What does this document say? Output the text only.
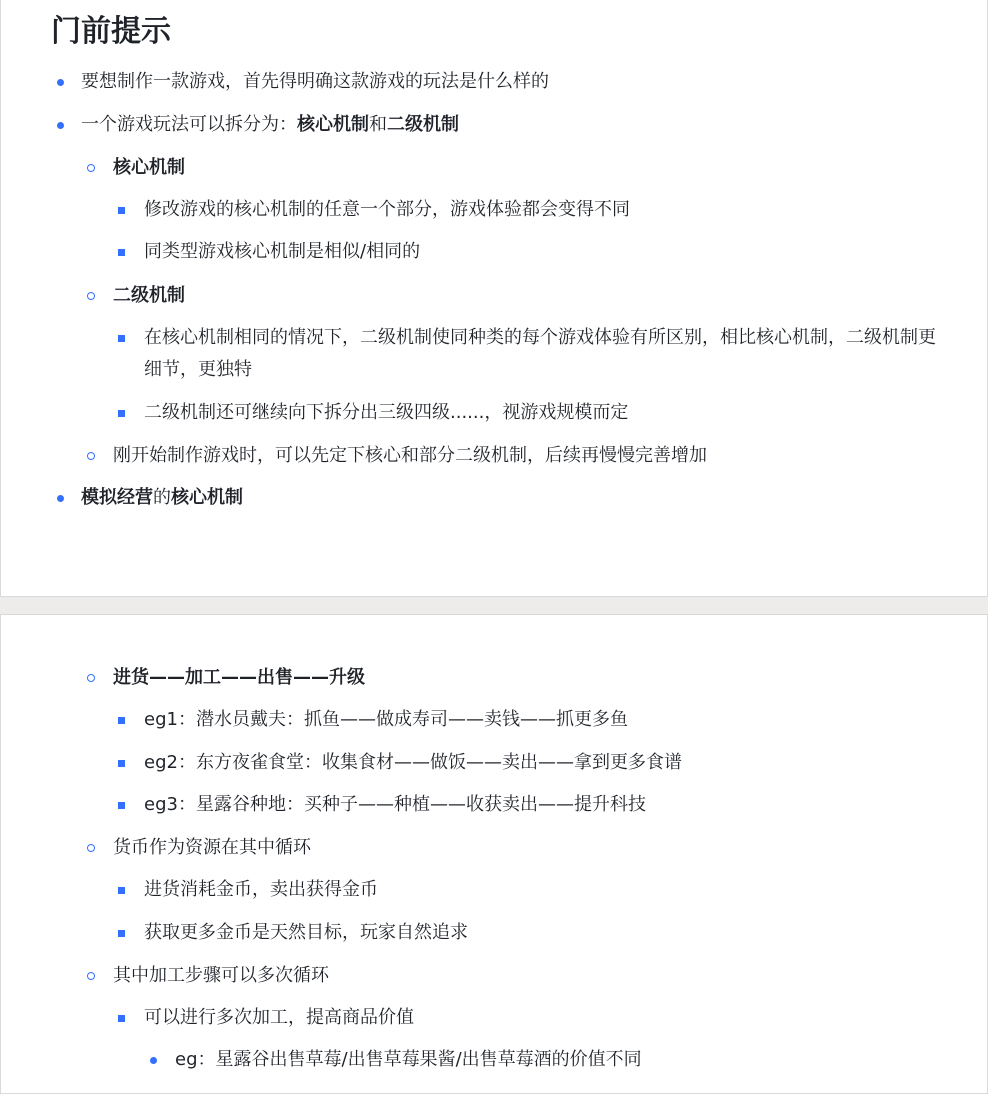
门前提示
要想制作一款游戏，首先得明确这款游戏的玩法是什么样的
一个游戏玩法可以拆分为：核心机制和二级机制
核心机制
修改游戏的核心机制的任意一个部分，游戏体验都会变得不同
同类型游戏核心机制是相似/相同的
二级机制
在核心机制相同的情况下，二级机制使同种类的每个游戏体验有所区别，相比核心机制，二级机制更细节，更独特
二级机制还可继续向下拆分出三级四级......，视游戏规模而定
刚开始制作游戏时，可以先定下核心和部分二级机制，后续再慢慢完善增加
模拟经营的核心机制
进货——加工——出售——升级
eg1：潜水员戴夫：抓鱼——做成寿司——卖钱——抓更多鱼
eg2：东方夜雀食堂：收集食材——做饭——卖出——拿到更多食谱
eg3：星露谷种地：买种子——种植——收获卖出——提升科技
货币作为资源在其中循环
进货消耗金币，卖出获得金币
获取更多金币是天然目标，玩家自然追求
其中加工步骤可以多次循环
可以进行多次加工，提高商品价值
eg：星露谷出售草莓/出售草莓果酱/出售草莓酒的价值不同
